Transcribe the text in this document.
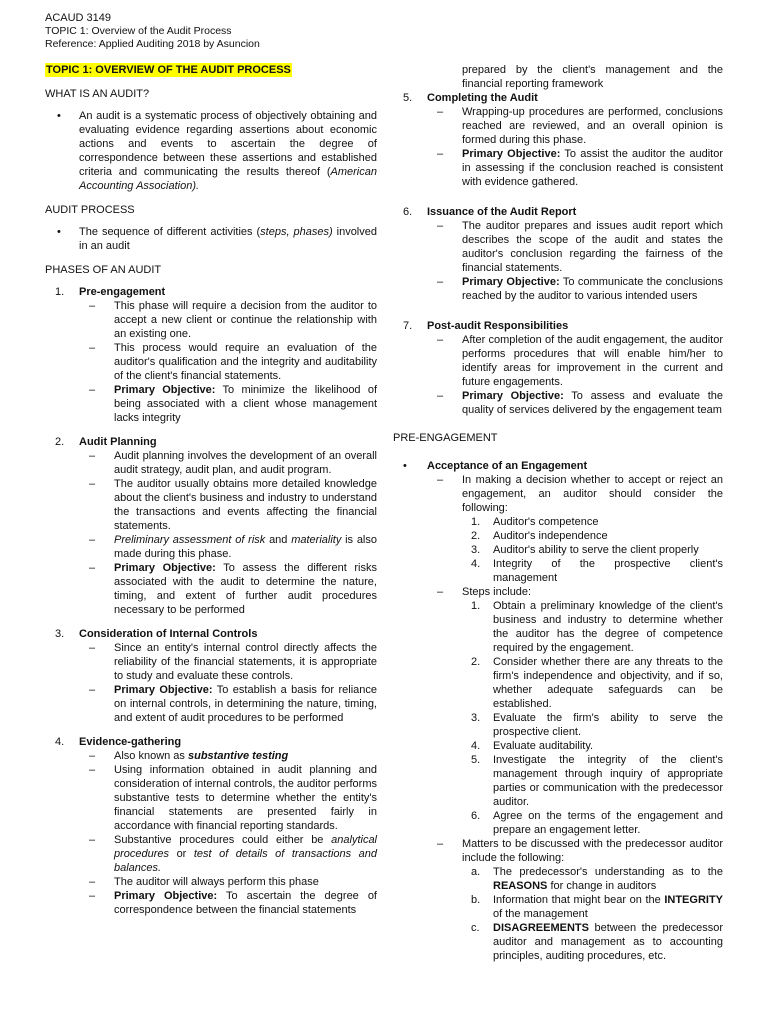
ACAUD 3149
TOPIC 1: Overview of the Audit Process
Reference: Applied Auditing 2018 by Asuncion
TOPIC 1: OVERVIEW OF THE AUDIT PROCESS
WHAT IS AN AUDIT?
• An audit is a systematic process of objectively obtaining and evaluating evidence regarding assertions about economic actions and events to ascertain the degree of correspondence between these assertions and established criteria and communicating the results thereof (American Accounting Association).
AUDIT PROCESS
• The sequence of different activities (steps, phases) involved in an audit
PHASES OF AN AUDIT
1. Pre-engagement
– This phase will require a decision from the auditor to accept a new client or continue the relationship with an existing one.
– This process would require an evaluation of the auditor's qualification and the integrity and auditability of the client's financial statements.
– Primary Objective: To minimize the likelihood of being associated with a client whose management lacks integrity
2. Audit Planning
– Audit planning involves the development of an overall audit strategy, audit plan, and audit program.
– The auditor usually obtains more detailed knowledge about the client's business and industry to understand the transactions and events affecting the financial statements.
– Preliminary assessment of risk and materiality is also made during this phase.
– Primary Objective: To assess the different risks associated with the audit to determine the nature, timing, and extent of further audit procedures necessary to be performed
3. Consideration of Internal Controls
– Since an entity's internal control directly affects the reliability of the financial statements, it is appropriate to study and evaluate these controls.
– Primary Objective: To establish a basis for reliance on internal controls, in determining the nature, timing, and extent of audit procedures to be performed
4. Evidence-gathering
– Also known as substantive testing
– Using information obtained in audit planning and consideration of internal controls, the auditor performs substantive tests to determine whether the entity's financial statements are presented fairly in accordance with financial reporting standards.
– Substantive procedures could either be analytical procedures or test of details of transactions and balances.
– The auditor will always perform this phase
– Primary Objective: To ascertain the degree of correspondence between the financial statements
prepared by the client's management and the financial reporting framework
5. Completing the Audit
– Wrapping-up procedures are performed, conclusions reached are reviewed, and an overall opinion is formed during this phase.
– Primary Objective: To assist the auditor the auditor in assessing if the conclusion reached is consistent with evidence gathered.
6. Issuance of the Audit Report
– The auditor prepares and issues audit report which describes the scope of the audit and states the auditor's conclusion regarding the fairness of the financial statements.
– Primary Objective: To communicate the conclusions reached by the auditor to various intended users
7. Post-audit Responsibilities
– After completion of the audit engagement, the auditor performs procedures that will enable him/her to identify areas for improvement in the current and future engagements.
– Primary Objective: To assess and evaluate the quality of services delivered by the engagement team
PRE-ENGAGEMENT
• Acceptance of an Engagement
– In making a decision whether to accept or reject an engagement, an auditor should consider the following:
1. Auditor's competence
2. Auditor's independence
3. Auditor's ability to serve the client properly
4. Integrity of the prospective client's management
– Steps include:
1. Obtain a preliminary knowledge of the client's business and industry to determine whether the auditor has the degree of competence required by the engagement.
2. Consider whether there are any threats to the firm's independence and objectivity, and if so, whether adequate safeguards can be established.
3. Evaluate the firm's ability to serve the prospective client.
4. Evaluate auditability.
5. Investigate the integrity of the client's management through inquiry of appropriate parties or communication with the predecessor auditor.
6. Agree on the terms of the engagement and prepare an engagement letter.
– Matters to be discussed with the predecessor auditor include the following:
a. The predecessor's understanding as to the REASONS for change in auditors
b. Information that might bear on the INTEGRITY of the management
c. DISAGREEMENTS between the predecessor auditor and management as to accounting principles, auditing procedures, etc.
